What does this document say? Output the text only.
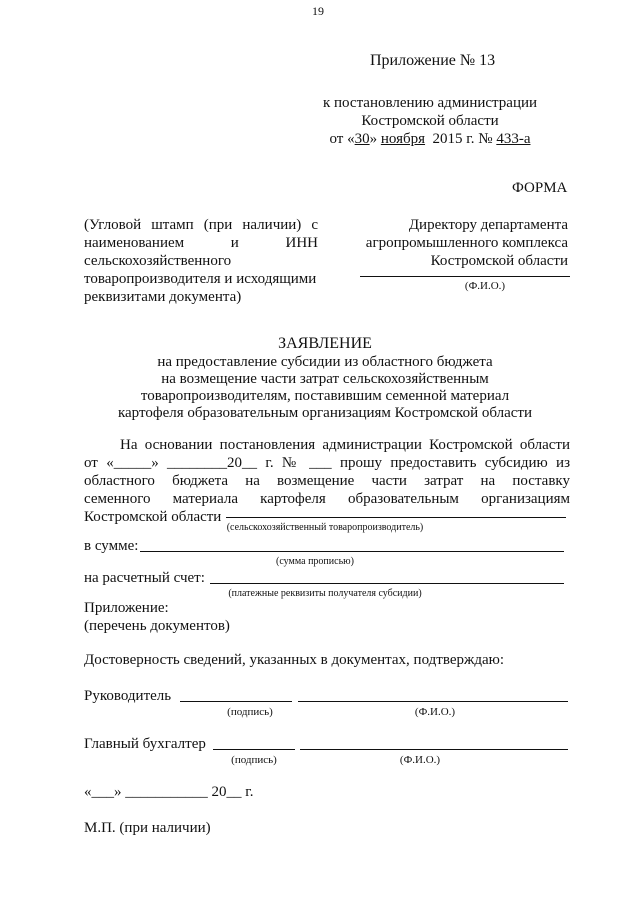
19
Приложение № 13
к постановлению администрации
Костромской области
от «30» ноября  2015 г. № 433-а
ФОРМА
(Угловой штамп (при наличии) с
наименованием и ИНН
сельскохозяйственного
товаропроизводителя и исходящими
реквизитами документа)
Директору департамента
агропромышленного комплекса
Костромской области
(Ф.И.О.)
ЗАЯВЛЕНИЕ
на предоставление субсидии из областного бюджета
на возмещение части затрат сельскохозяйственным
товаропроизводителям, поставившим семенной материал
картофеля образовательным организациям Костромской области
На основании постановления администрации Костромской области
от «_____» ________20__ г. № ___ прошу предоставить субсидию из
областного бюджета на возмещение части затрат на поставку
семенного материала картофеля образовательным организациям
Костромской области
(сельскохозяйственный товаропроизводитель)
в сумме:
(сумма прописью)
на расчетный счет:
(платежные реквизиты получателя субсидии)
Приложение:
(перечень документов)
Достоверность сведений, указанных в документах, подтверждаю:
Руководитель
(подпись)	(Ф.И.О.)
Главный бухгалтер
(подпись)	(Ф.И.О.)
«___» ___________ 20__ г.
М.П. (при наличии)
